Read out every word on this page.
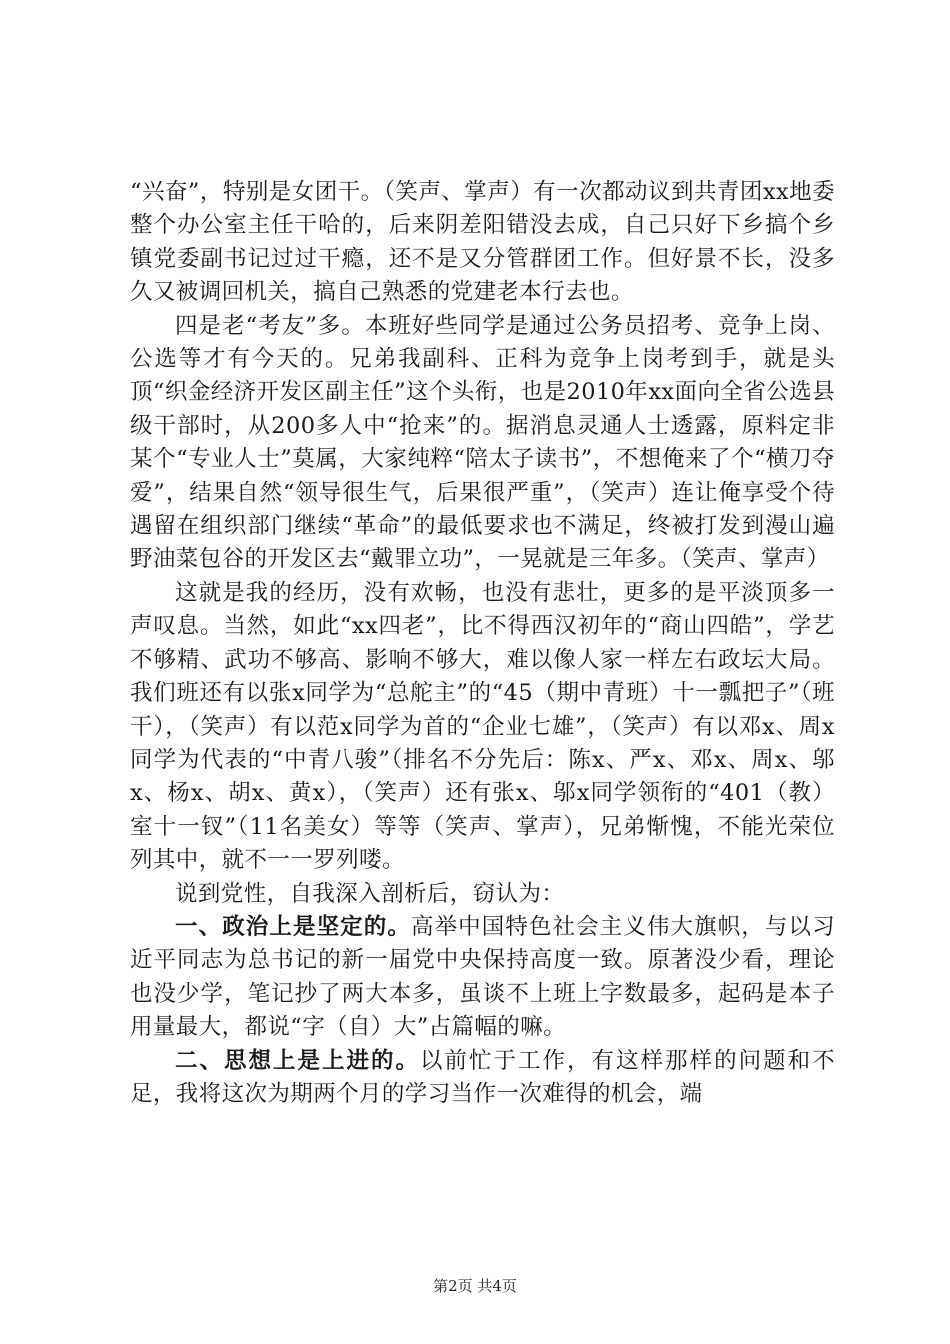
“兴奋”，特别是女团干。（笑声、掌声）有一次都动议到共青团xx地委整个办公室主任干哈的，后来阴差阳错没去成，自己只好下乡搞个乡镇党委副书记过过干瘾，还不是又分管群团工作。但好景不长，没多久又被调回机关，搞自己熟悉的党建老本行去也。

四是老“考友”多。本班好些同学是通过公务员招考、竞争上岗、公选等才有今天的。兄弟我副科、正科为竞争上岗考到手，就是头顶“织金经济开发区副主任”这个头衔，也是2010年xx面向全省公选县级干部时，从200多人中“抢来”的。据消息灵通人士透露，原料定非某个“专业人士”莫属，大家纯粹“陪太子读书”，不想俺来了个“横刀夺爱”，结果自然“领导很生气，后果很严重”，（笑声）连让俺享受个待遇留在组织部门继续“革命”的最低要求也不满足，终被打发到漫山遍野油菜包谷的开发区去“戴罪立功”，一晃就是三年多。（笑声、掌声）

这就是我的经历，没有欢畅，也没有悲壮，更多的是平淡顶多一声叹息。当然，如此“xx四老”，比不得西汉初年的“商山四皓”，学艺不够精、武功不够高、影响不够大，难以像人家一样左右政坛大局。我们班还有以张x同学为“总舵主”的“45（期中青班）十一瓢把子”（班干），（笑声）有以范x同学为首的“企业七雄”，（笑声）有以邓x、周x同学为代表的“中青八骏”（排名不分先后：陈x、严x、邓x、周x、邬x、杨x、胡x、黄x），（笑声）还有张x、邬x同学领衔的“401（教）室十一钗”（11名美女）等等（笑声、掌声），兄弟惭愧，不能光荣位列其中，就不一一罗列喽。

说到党性，自我深入剖析后，窃认为：

一、政治上是坚定的。高举中国特色社会主义伟大旗帜，与以习近平同志为总书记的新一届党中央保持高度一致。原著没少看，理论也没少学，笔记抄了两大本多，虽谈不上班上字数最多，起码是本子用量最大，都说“字（自）大”占篇幅的嘛。

二、思想上是上进的。以前忙于工作，有这样那样的问题和不足，我将这次为期两个月的学习当作一次难得的机会，端

第2页 共4页
